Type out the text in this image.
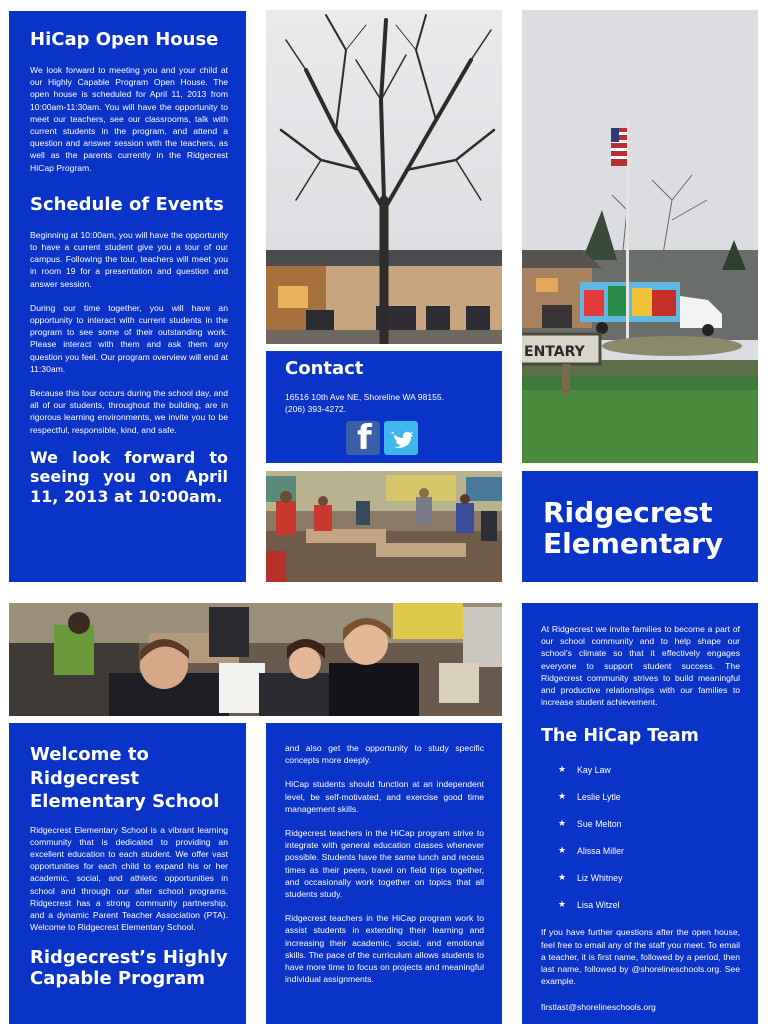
HiCap Open House

We look forward to meeting you and your child at our Highly Capable Program Open House. The open house is scheduled for April 11, 2013 from 10:00am-11:30am. You will have the opportunity to meet our teachers, see our classrooms, talk with current students in the program, and attend a question and answer session with the teachers, as well as the parents currently in the Ridgecrest HiCap Program.

Schedule of Events

Beginning at 10:00am, you will have the opportunity to have a current student give you a tour of our campus. Following the tour, teachers will meet you in room 19 for a presentation and question and answer session.

During our time together, you will have an opportunity to interact with current students in the program to see some of their outstanding work. Please interact with them and ask them any question you feel. Our program overview will end at 11:30am.

Because this tour occurs during the school day, and all of our students, throughout the building, are in rigorous learning environments, we invite you to be respectful, responsible, kind, and safe.

We look forward to seeing you on April 11, 2013 at 10:00am.
Contact

16516 10th Ave NE, Shoreline WA 98155.

(206) 393-4272.

f
ENTARY
Ridgecrest
Elementary
Welcome to Ridgecrest Elementary School

Ridgecrest Elementary School is a vibrant learning community that is dedicated to providing an excellent education to each student. We offer vast opportunities for each child to expand his or her academic, social, and athletic opportunities in school and through our after school programs. Ridgecrest has a strong community partnership, and a dynamic Parent Teacher Association (PTA). Welcome to Ridgecrest Elementary School.

Ridgecrest’s Highly Capable Program

and also get the opportunity to study specific concepts more deeply.

HiCap students should function at an independent level, be self-motivated, and exercise good time management skills.

Ridgecrest teachers in the HiCap program strive to integrate with general education classes whenever possible. Students have the same lunch and recess times as their peers, travel on field trips together, and occasionally work together on topics that all students study.

Ridgecrest teachers in the HiCap program work to assist students in extending their learning and increasing their academic, social, and emotional skills. The pace of the curriculum allows students to have more time to focus on projects and meaningful individual assignments.

At Ridgecrest we invite families to become a part of our school community and to help shape our school’s climate so that it effectively engages everyone to support student success. The Ridgecrest community strives to build meaningful and productive relationships with our families to increase student achievement.

The HiCap Team
★	Kay Law
★	Leslie Lytle
★	Sue Melton
★	Alissa Miller
★	Liz Whitney
★	Lisa Witzel

If you have further questions after the open house, feel free to email any of the staff you meet. To email a teacher, it is first name, followed by a period, then last name, followed by @shorelineschools.org. See example.

firstlast@shorelineschools.org
